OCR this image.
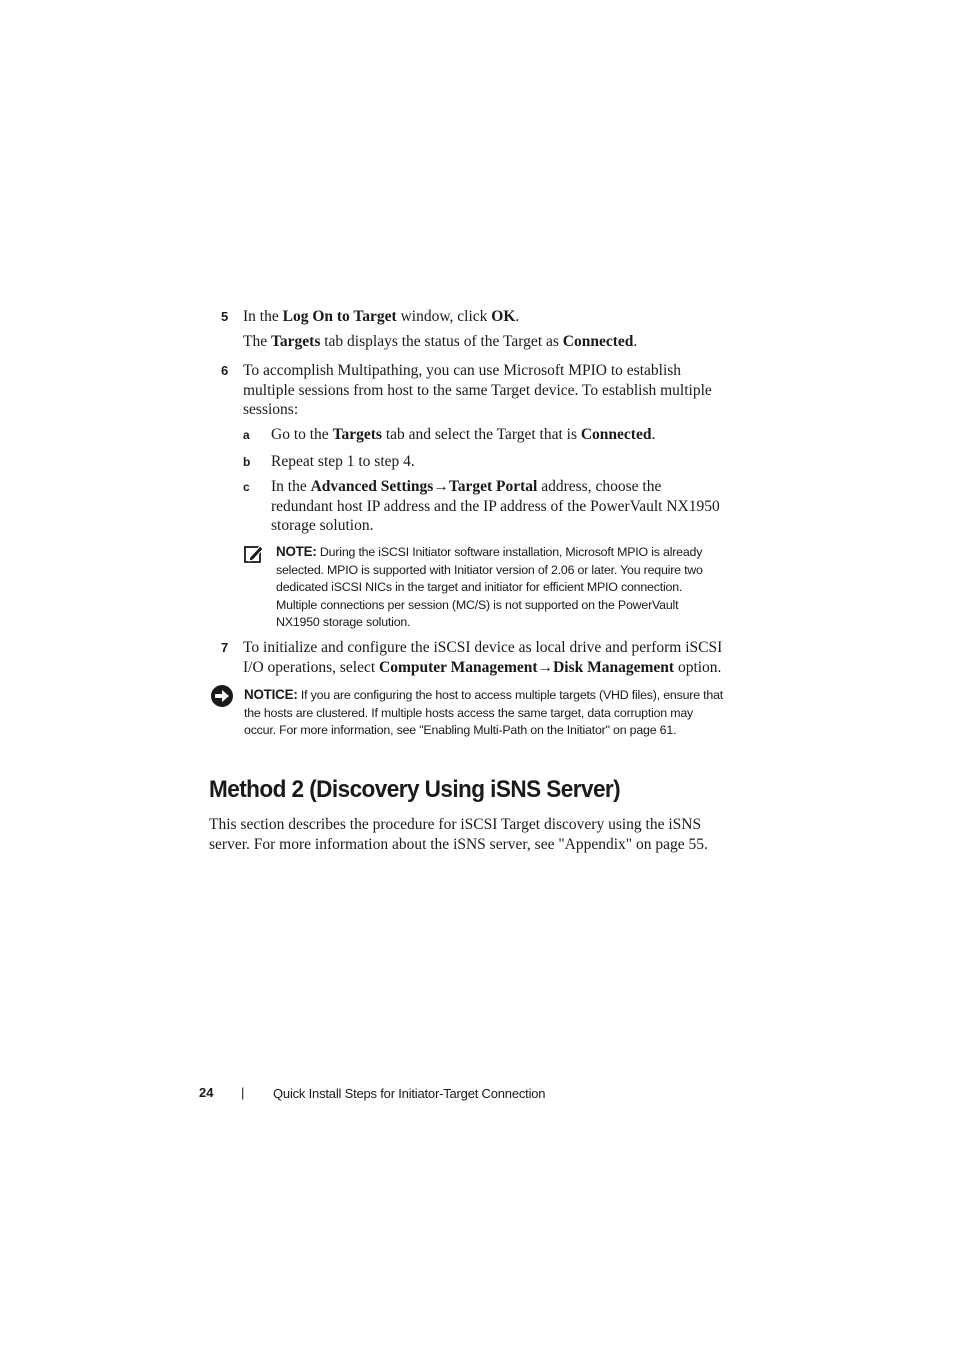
5 In the Log On to Target window, click OK.

The Targets tab displays the status of the Target as Connected.

6 To accomplish Multipathing, you can use Microsoft MPIO to establish multiple sessions from host to the same Target device. To establish multiple sessions:

a Go to the Targets tab and select the Target that is Connected.

b Repeat step 1 to step 4.

c In the Advanced Settings→Target Portal address, choose the redundant host IP address and the IP address of the PowerVault NX1950 storage solution.

NOTE: During the iSCSI Initiator software installation, Microsoft MPIO is already selected. MPIO is supported with Initiator version of 2.06 or later. You require two dedicated iSCSI NICs in the target and initiator for efficient MPIO connection. Multiple connections per session (MC/S) is not supported on the PowerVault NX1950 storage solution.

7 To initialize and configure the iSCSI device as local drive and perform iSCSI I/O operations, select Computer Management→Disk Management option.

NOTICE: If you are configuring the host to access multiple targets (VHD files), ensure that the hosts are clustered. If multiple hosts access the same target, data corruption may occur. For more information, see "Enabling Multi-Path on the Initiator" on page 61.

Method 2 (Discovery Using iSNS Server)

This section describes the procedure for iSCSI Target discovery using the iSNS server. For more information about the iSNS server, see "Appendix" on page 55.

24 | Quick Install Steps for Initiator-Target Connection
